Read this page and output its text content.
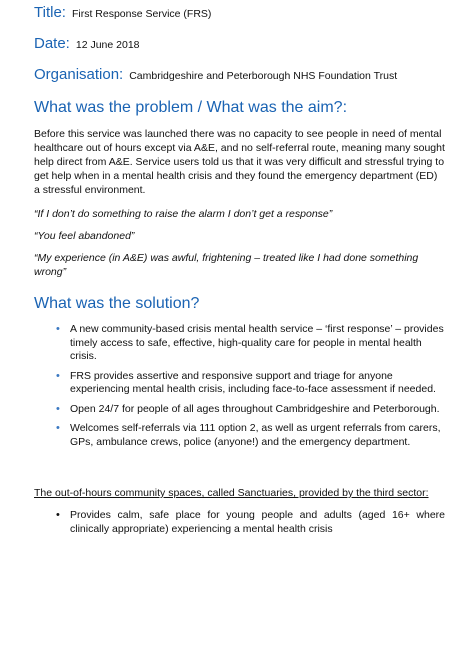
Title: First Response Service (FRS)
Date: 12 June 2018
Organisation: Cambridgeshire and Peterborough NHS Foundation Trust
What was the problem / What was the aim?:

Before this service was launched there was no capacity to see people in need of mental healthcare out of hours except via A&E, and no self-referral route, meaning many sought help direct from A&E. Service users told us that it was very difficult and stressful trying to get help when in a mental health crisis and they found the emergency department (ED) a stressful environment.

“If I don’t do something to raise the alarm I don’t get a response”

“You feel abandoned”

“My experience (in A&E) was awful, frightening – treated like I had done something wrong”

What was the solution?
• A new community-based crisis mental health service – ‘first response’ – provides timely access to safe, effective, high-quality care for people in mental health crisis.
• FRS provides assertive and responsive support and triage for anyone experiencing mental health crisis, including face-to-face assessment if needed.
• Open 24/7 for people of all ages throughout Cambridgeshire and Peterborough.
• Welcomes self-referrals via 111 option 2, as well as urgent referrals from carers, GPs, ambulance crews, police (anyone!) and the emergency department.

The out-of-hours community spaces, called Sanctuaries, provided by the third sector:

• Provides calm, safe place for young people and adults (aged 16+ where clinically appropriate) experiencing a mental health crisis
